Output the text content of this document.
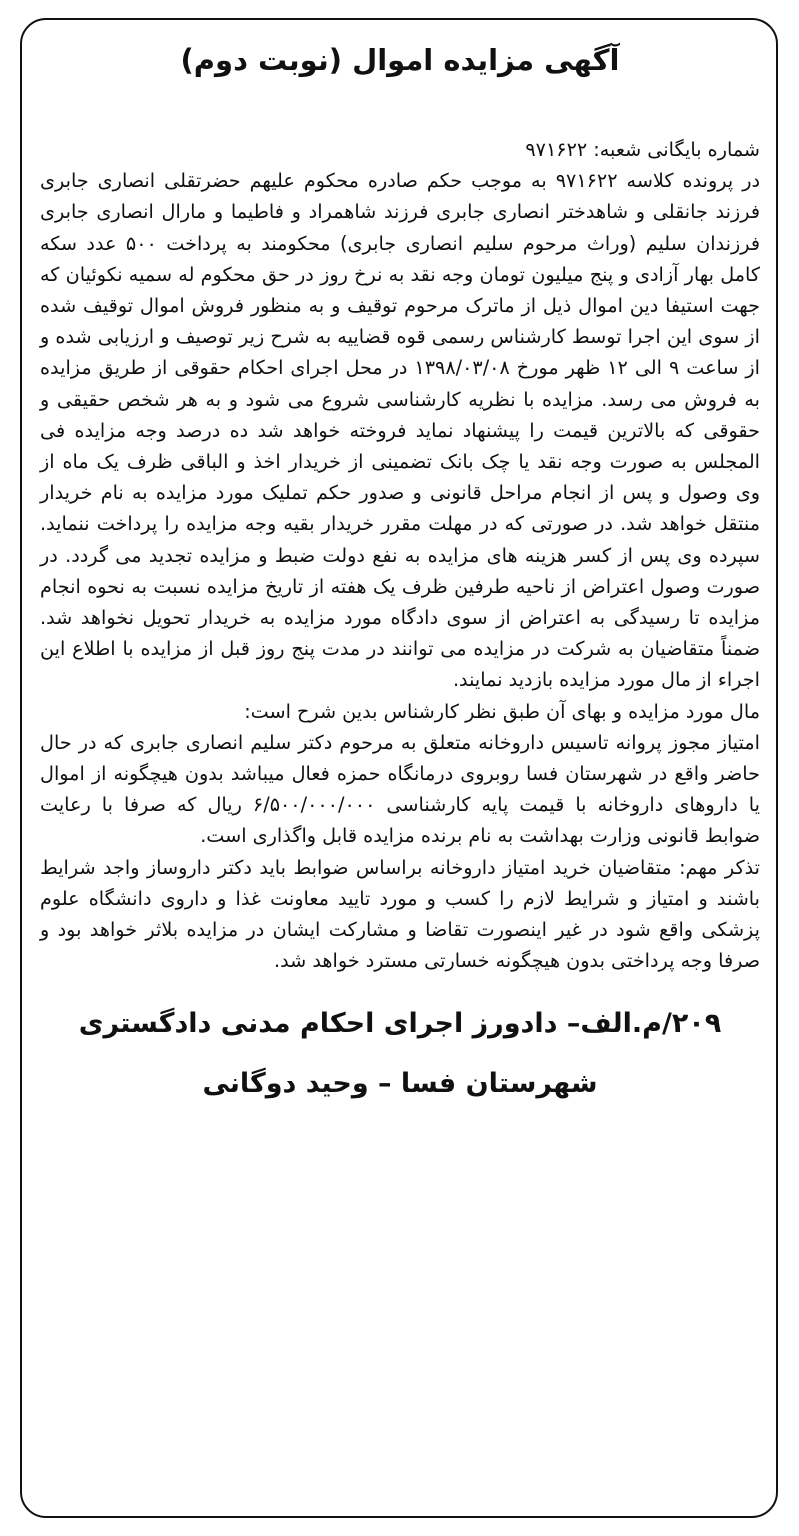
آگهی مزایده اموال (نوبت دوم)

شماره بایگانی شعبه: ۹۷۱۶۲۲

در پرونده کلاسه ۹۷۱۶۲۲ به موجب حکم صادره محکوم علیهم حضرتقلی انصاری جابری فرزند جانقلی و شاهدختر انصاری جابری فرزند شاهمراد و فاطیما و مارال انصاری جابری فرزندان سلیم (وراث مرحوم سلیم انصاری جابری) محکومند به پرداخت ۵۰۰ عدد سکه کامل بهار آزادی و پنج میلیون تومان وجه نقد به نرخ روز در حق محکوم له سمیه نکوئیان که جهت استیفا دین اموال ذیل از ماترک مرحوم توقیف و به منظور فروش اموال توقیف شده از سوی این اجرا توسط کارشناس رسمی قوه قضاییه به شرح زیر توصیف و ارزیابی شده و از ساعت ۹ الی ۱۲ ظهر مورخ ۱۳۹۸/۰۳/۰۸ در محل اجرای احکام حقوقی از طریق مزایده به فروش می رسد. مزایده با نظریه کارشناسی شروع می شود و به هر شخص حقیقی و حقوقی که بالاترین قیمت را پیشنهاد نماید فروخته خواهد شد ده درصد وجه مزایده فی المجلس به صورت وجه نقد یا چک بانک تضمینی از خریدار اخذ و الباقی ظرف یک ماه از وی وصول و پس از انجام مراحل قانونی و صدور حکم تملیک مورد مزایده به نام خریدار منتقل خواهد شد. در صورتی که در مهلت مقرر خریدار بقیه وجه مزایده را پرداخت ننماید. سپرده وی پس از کسر هزینه های مزایده به نفع دولت ضبط و مزایده تجدید می گردد. در صورت وصول اعتراض از ناحیه طرفین ظرف یک هفته از تاریخ مزایده نسبت به نحوه انجام مزایده تا رسیدگی به اعتراض از سوی دادگاه مورد مزایده به خریدار تحویل نخواهد شد. ضمناً متقاضیان به شرکت در مزایده می توانند در مدت پنج روز قبل از مزایده با اطلاع این اجراء از مال مورد مزایده بازدید نمایند.

مال مورد مزایده و بهای آن طبق نظر کارشناس بدین شرح است:

امتیاز مجوز پروانه تاسیس داروخانه متعلق به مرحوم دکتر سلیم انصاری جابری که در حال حاضر واقع در شهرستان فسا روبروی درمانگاه حمزه فعال میباشد بدون هیچگونه از اموال یا داروهای داروخانه با قیمت پایه کارشناسی ۶/۵۰۰/۰۰۰/۰۰۰ ریال که صرفا با رعایت ضوابط قانونی وزارت بهداشت به نام برنده مزایده قابل واگذاری است.

تذکر مهم: متقاضیان خرید امتیاز داروخانه براساس ضوابط باید دکتر داروساز واجد شرایط باشند و امتیاز و شرایط لازم را کسب و مورد تایید معاونت غذا و داروی دانشگاه علوم پزشکی واقع شود در غیر اینصورت تقاضا و مشارکت ایشان در مزایده بلاثر خواهد بود و صرفا وجه پرداختی بدون هیچگونه خسارتی مسترد خواهد شد.

۲۰۹/م.الف– دادورز اجرای احکام مدنی دادگستری
شهرستان فسا – وحید دوگانی
